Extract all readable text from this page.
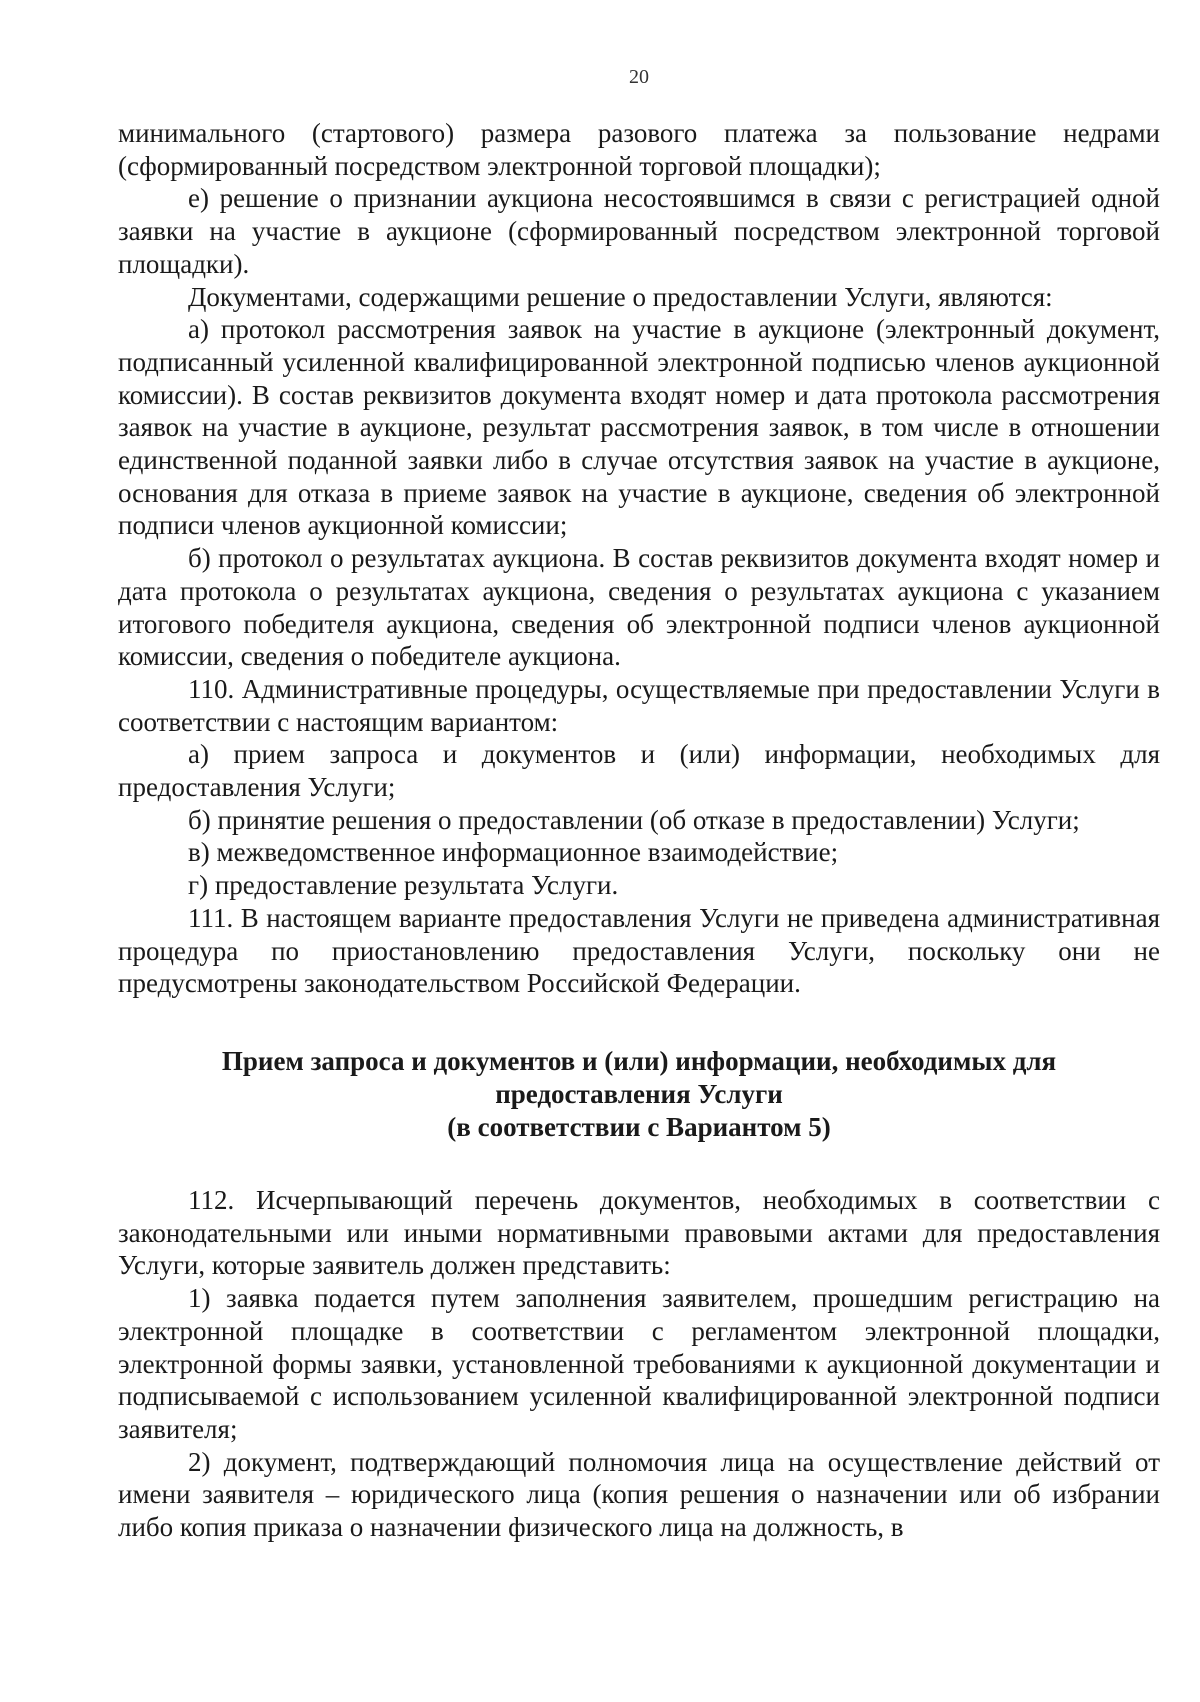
20

минимального (стартового) размера разового платежа за пользование недрами (сформированный посредством электронной торговой площадки);

е) решение о признании аукциона несостоявшимся в связи с регистрацией одной заявки на участие в аукционе (сформированный посредством электронной торговой площадки).

Документами, содержащими решение о предоставлении Услуги, являются:

а) протокол рассмотрения заявок на участие в аукционе (электронный документ, подписанный усиленной квалифицированной электронной подписью членов аукционной комиссии). В состав реквизитов документа входят номер и дата протокола рассмотрения заявок на участие в аукционе, результат рассмотрения заявок, в том числе в отношении единственной поданной заявки либо в случае отсутствия заявок на участие в аукционе, основания для отказа в приеме заявок на участие в аукционе, сведения об электронной подписи членов аукционной комиссии;

б) протокол о результатах аукциона. В состав реквизитов документа входят номер и дата протокола о результатах аукциона, сведения о результатах аукциона с указанием итогового победителя аукциона, сведения об электронной подписи членов аукционной комиссии, сведения о победителе аукциона.

110. Административные процедуры, осуществляемые при предоставлении Услуги в соответствии с настоящим вариантом:

а) прием запроса и документов и (или) информации, необходимых для предоставления Услуги;

б) принятие решения о предоставлении (об отказе в предоставлении) Услуги;

в) межведомственное информационное взаимодействие;

г) предоставление результата Услуги.

111. В настоящем варианте предоставления Услуги не приведена административная процедура по приостановлению предоставления Услуги, поскольку они не предусмотрены законодательством Российской Федерации.

Прием запроса и документов и (или) информации, необходимых для
предоставления Услуги
(в соответствии с Вариантом 5)

112. Исчерпывающий перечень документов, необходимых в соответствии с законодательными или иными нормативными правовыми актами для предоставления Услуги, которые заявитель должен представить:

1) заявка подается путем заполнения заявителем, прошедшим регистрацию на электронной площадке в соответствии с регламентом электронной площадки, электронной формы заявки, установленной требованиями к аукционной документации и подписываемой с использованием усиленной квалифицированной электронной подписи заявителя;

2) документ, подтверждающий полномочия лица на осуществление действий от имени заявителя – юридического лица (копия решения о назначении или об избрании либо копия приказа о назначении физического лица на должность, в
